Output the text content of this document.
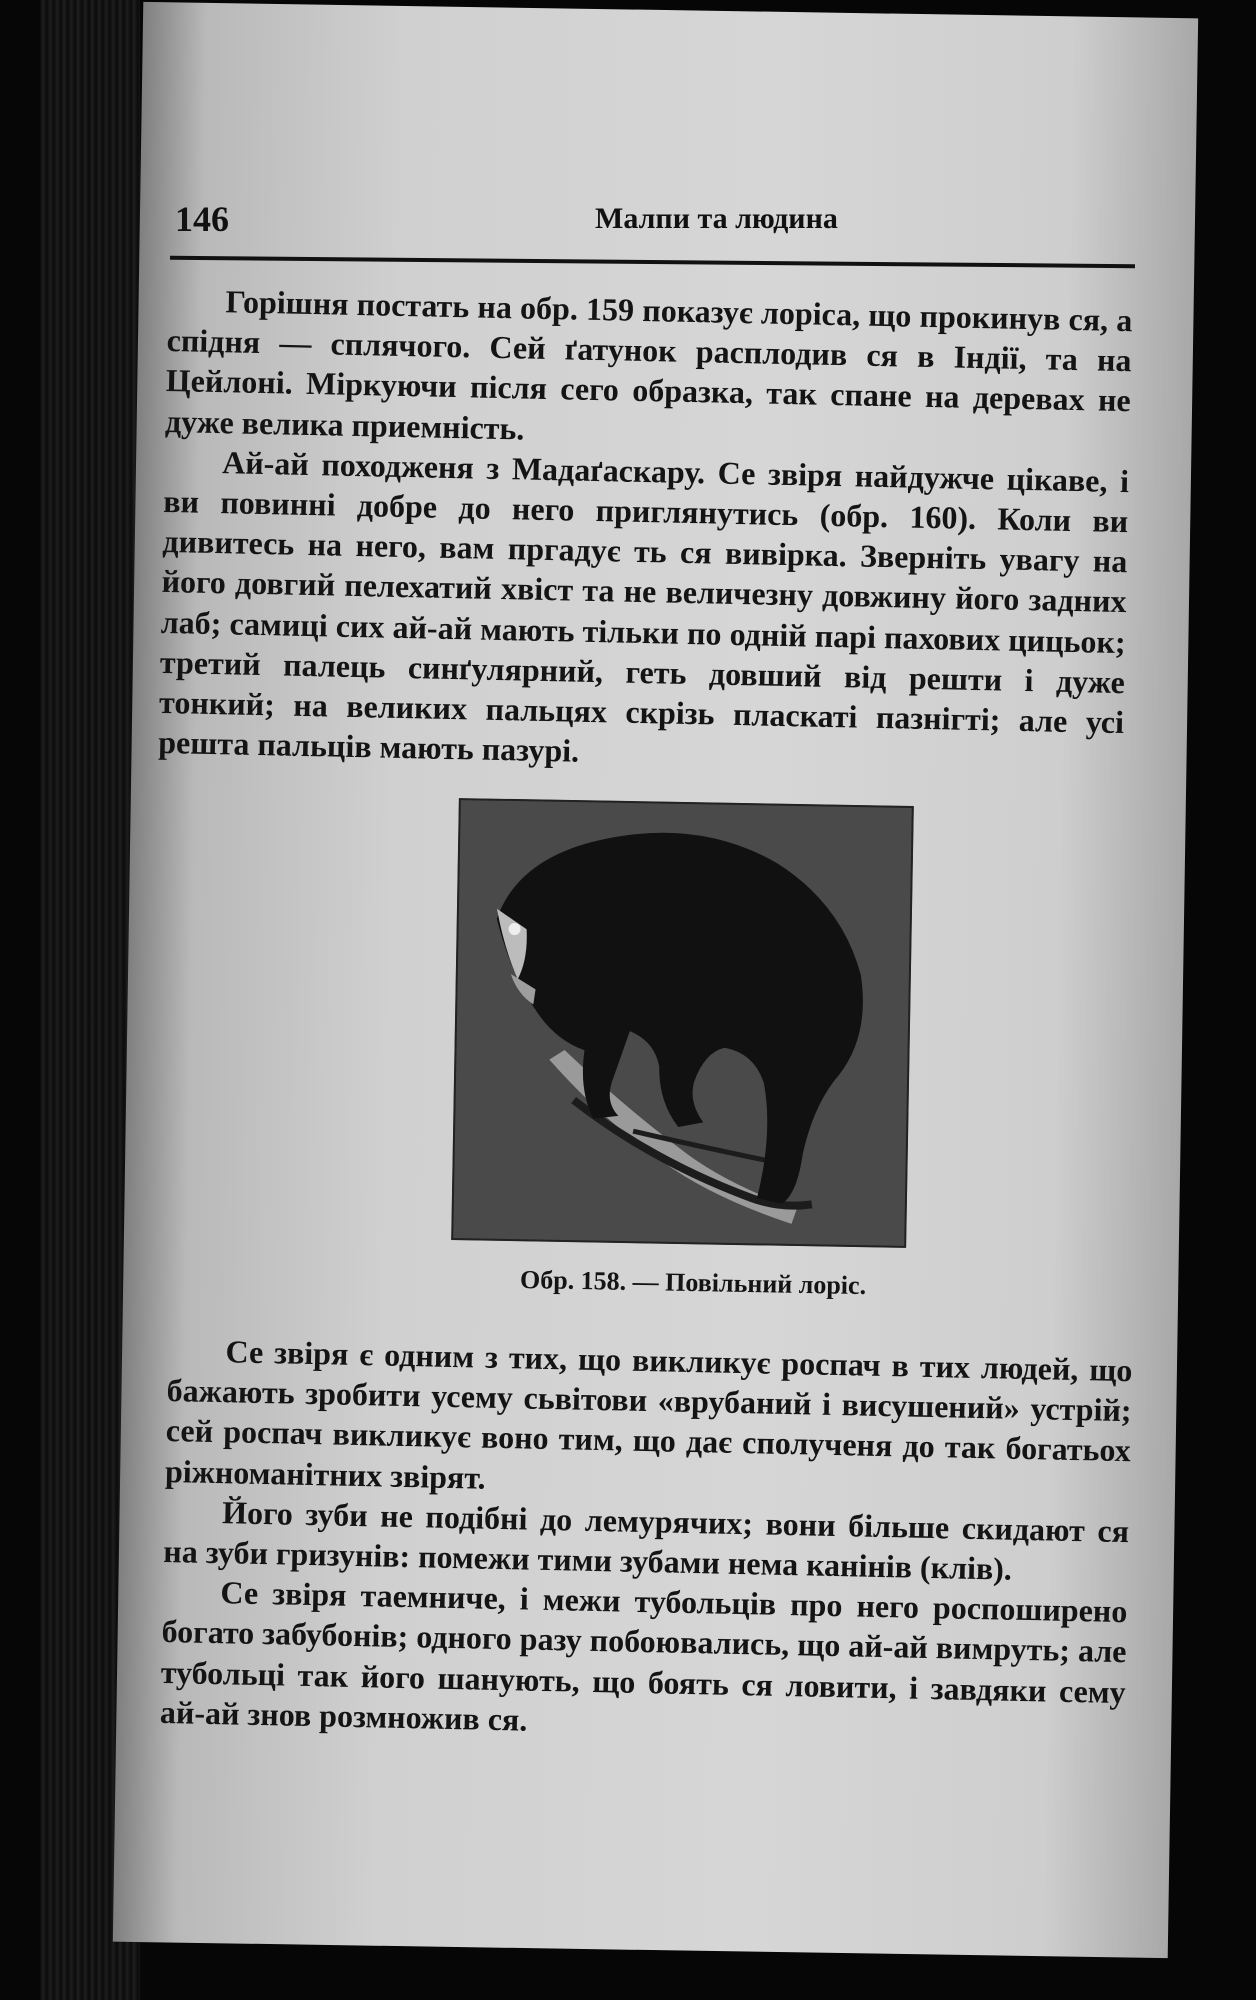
146	Малпи та людина

Горішня постать на обр. 159 показує лоріса, що прокинув ся, а спідня — сплячого. Сей ґатунок расплодив ся в Індії, та на Цейлоні. Міркуючи після сего образка, так спане на деревах не дуже велика приемність.

Ай-ай походженя з Мадаґаскару. Се звіря найдужче цікаве, і ви повинні добре до него приглянутись (обр. 160). Коли ви дивитесь на него, вам пргадує ть ся вивірка. Зверніть увагу на його довгий пелехатий хвіст та не величезну довжину його задних лаб; самиці сих ай-ай мають тільки по одній парі пахових цицьок; третий палець синґулярний, геть довший від решти і дуже тонкий; на великих пальцях скрізь пласкаті пазнігті; але усі решта пальців мають пазурі.

Обр. 158. — Повільний лоріс.

Се звіря є одним з тих, що викликує роспач в тих людей, що бажають зробити усему сьвітови «врубаний і висушений» устрій; сей роспач викликує воно тим, що дає сполученя до так богатьох ріжноманітних звірят.

Його зуби не подібні до лемурячих; вони більше скидают ся на зуби гризунів: помежи тими зубами нема канінів (клів).

Се звіря таемниче, і межи тубольців про него роспоширено богато забубонів; одного разу побоювались, що ай-ай вимруть; але тубольці так його шанують, що боять ся ловити, і завдяки сему ай-ай знов розмножив ся.
